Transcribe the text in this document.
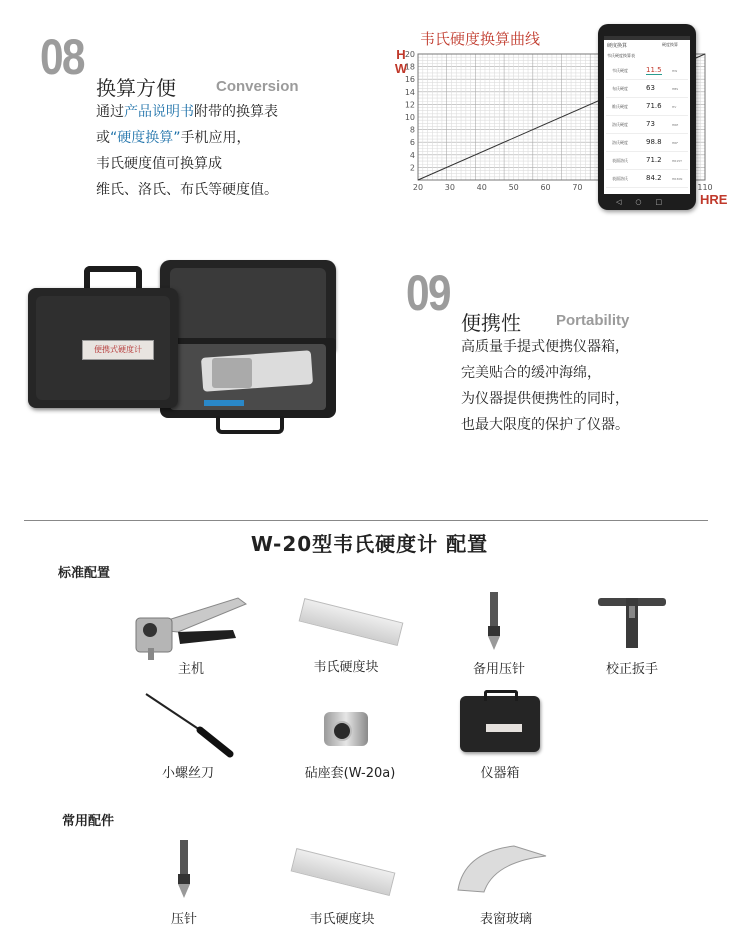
08
换算方便	Conversion
通过产品说明书附带的换算表
或“硬度换算”手机应用，
韦氏硬度值可换算成
维氏、洛氏、布氏等硬度值。
韦氏硬度换算曲线
H
W
HRE
2
4
6
8
10
12
14
16
18
20
20	30	40	50	60	70	110
硬度换算	硬度换算
韦氏硬度换算表
韦氏硬度	11.5	HW
布氏硬度	63	HBS
维氏硬度	71.6	HV
洛氏硬度	73	HRE
洛氏硬度	98.8	HRF
表面洛氏	71.2	HR15T
表面洛氏	84.2	HR30N
◁○□
便携式硬度计
09
便携性 Portability
高质量手提式便携仪器箱，
完美贴合的缓冲海绵，
为仪器提供便携性的同时，
也最大限度的保护了仪器。
W-20型韦氏硬度计 配置
标准配置
主机	韦氏硬度块	备用压针	校正扳手
小螺丝刀	砧座套(W-20a)	仪器箱
常用配件
压针	韦氏硬度块	表窗玻璃
